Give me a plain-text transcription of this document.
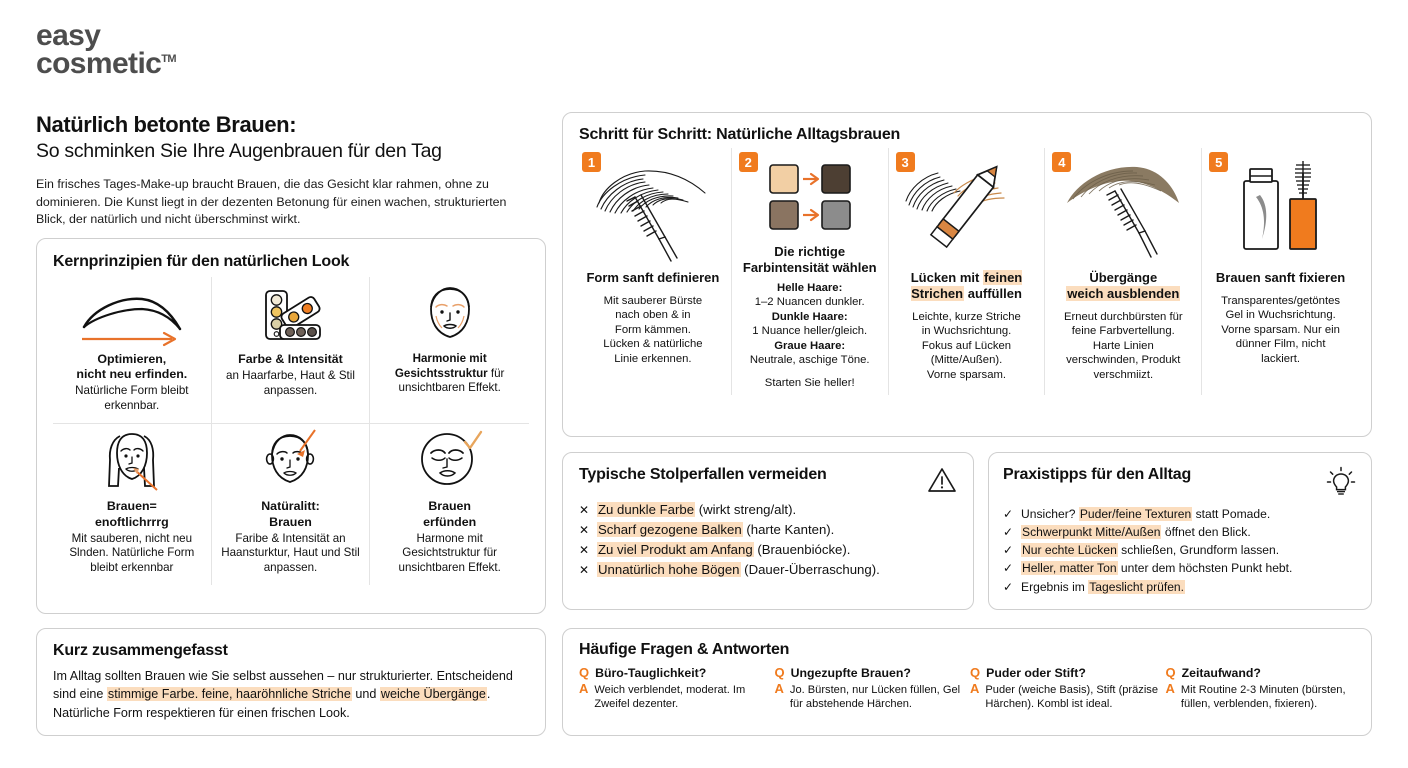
easy
cosmetic™
Natürlich betonte Brauen:
So schminken Sie Ihre Augenbrauen für den Tag
Ein frisches Tages-Make-up braucht Brauen, die das Gesicht klar rahmen, ohne zu dominieren. Die Kunst liegt in der dezenten Betonung für einen wachen, strukturierten Blick, der natürlich und nicht überschminst wirkt.
Kernprinzipien für den natürlichen Look
Optimieren,
nicht neu erfinden.
Natürliche Form bleibt erkennbar.
Farbe & Intensität
an Haarfarbe, Haut & Stil anpassen.
Harmonie mit Gesichtsstruktur für unsichtbaren Effekt.
Brauen=
enoftlichrrrg
Mit sauberen, nicht neu Slnden. Natürliche Form bleibt erkennbar
Natüralitt:
Brauen
Faribe & Intensität an Haansturktur, Haut und Stil anpassen.
Brauen
erfünden
Harmone mit Gesichtstruktur für unsichtbaren Effekt.
Kurz zusammengefasst

Im Alltag sollten Brauen wie Sie selbst aussehen – nur strukturierter. Entscheidend sind eine stimmige Farbe. feine, haaröhnliche Striche und weiche Übergänge. Natürliche Form respektieren für einen frischen Look.

Schritt für Schritt: Natürliche Alltagsbrauen
1
Form sanft definieren
Mit sauberer Bürste
nach oben & in
Form kämmen.
Lücken & natürliche
Linie erkennen.
2
Die richtige Farbintensität wählen
Helle Haare:
1–2 Nuancen dunkler.
Dunkle Haare:
1 Nuance heller/gleich.
Graue Haare:
Neutrale, aschige Töne.
Starten Sie heller!
3
Lücken mit feinen Strichen auffüllen
Leichte, kurze Striche
in Wuchsrichtung.
Fokus auf Lücken
(Mitte/Außen).
Vorne sparsam.
4
Übergänge
weich ausblenden
Erneut durchbürsten für
feine Farbvertellung.
Harte Linien
verschwinden, Produkt
verschmiizt.
5
Brauen sanft fixieren
Transparentes/getöntes
Gel in Wuchsrichtung.
Vorne sparsam. Nur ein
dünner Film, nicht
lackiert.
Typische Stolperfallen vermeiden
✕ Zu dunkle Farbe (wirkt streng/alt).
✕ Scharf gezogene Balken (harte Kanten).
✕ Zu viel Produkt am Anfang (Brauenbiócke).
✕ Unnatürlich hohe Bögen (Dauer-Überraschung).
Praxistipps für den Alltag
✓ Unsicher? Puder/feine Texturen statt Pomade.
✓ Schwerpunkt Mitte/Außen öffnet den Blick.
✓ Nur echte Lücken schließen, Grundform lassen.
✓ Heller, matter Ton unter dem höchsten Punkt hebt.
✓ Ergebnis im Tageslicht prüfen.
Häufige Fragen & Antworten
Q Büro-Tauglichkeit?
A Weich verblendet, moderat. Im Zweifel dezenter.
Q Ungezupfte Brauen?
A Jo. Bürsten, nur Lücken füllen, Gel für abstehende Härchen.
Q Puder oder Stift?
A Puder (weiche Basis), Stift (präzise Härchen). Kombl ist ideal.
Q Zeitaufwand?
A Mit Routine 2-3 Minuten (bürsten, füllen, verblenden, fixieren).
